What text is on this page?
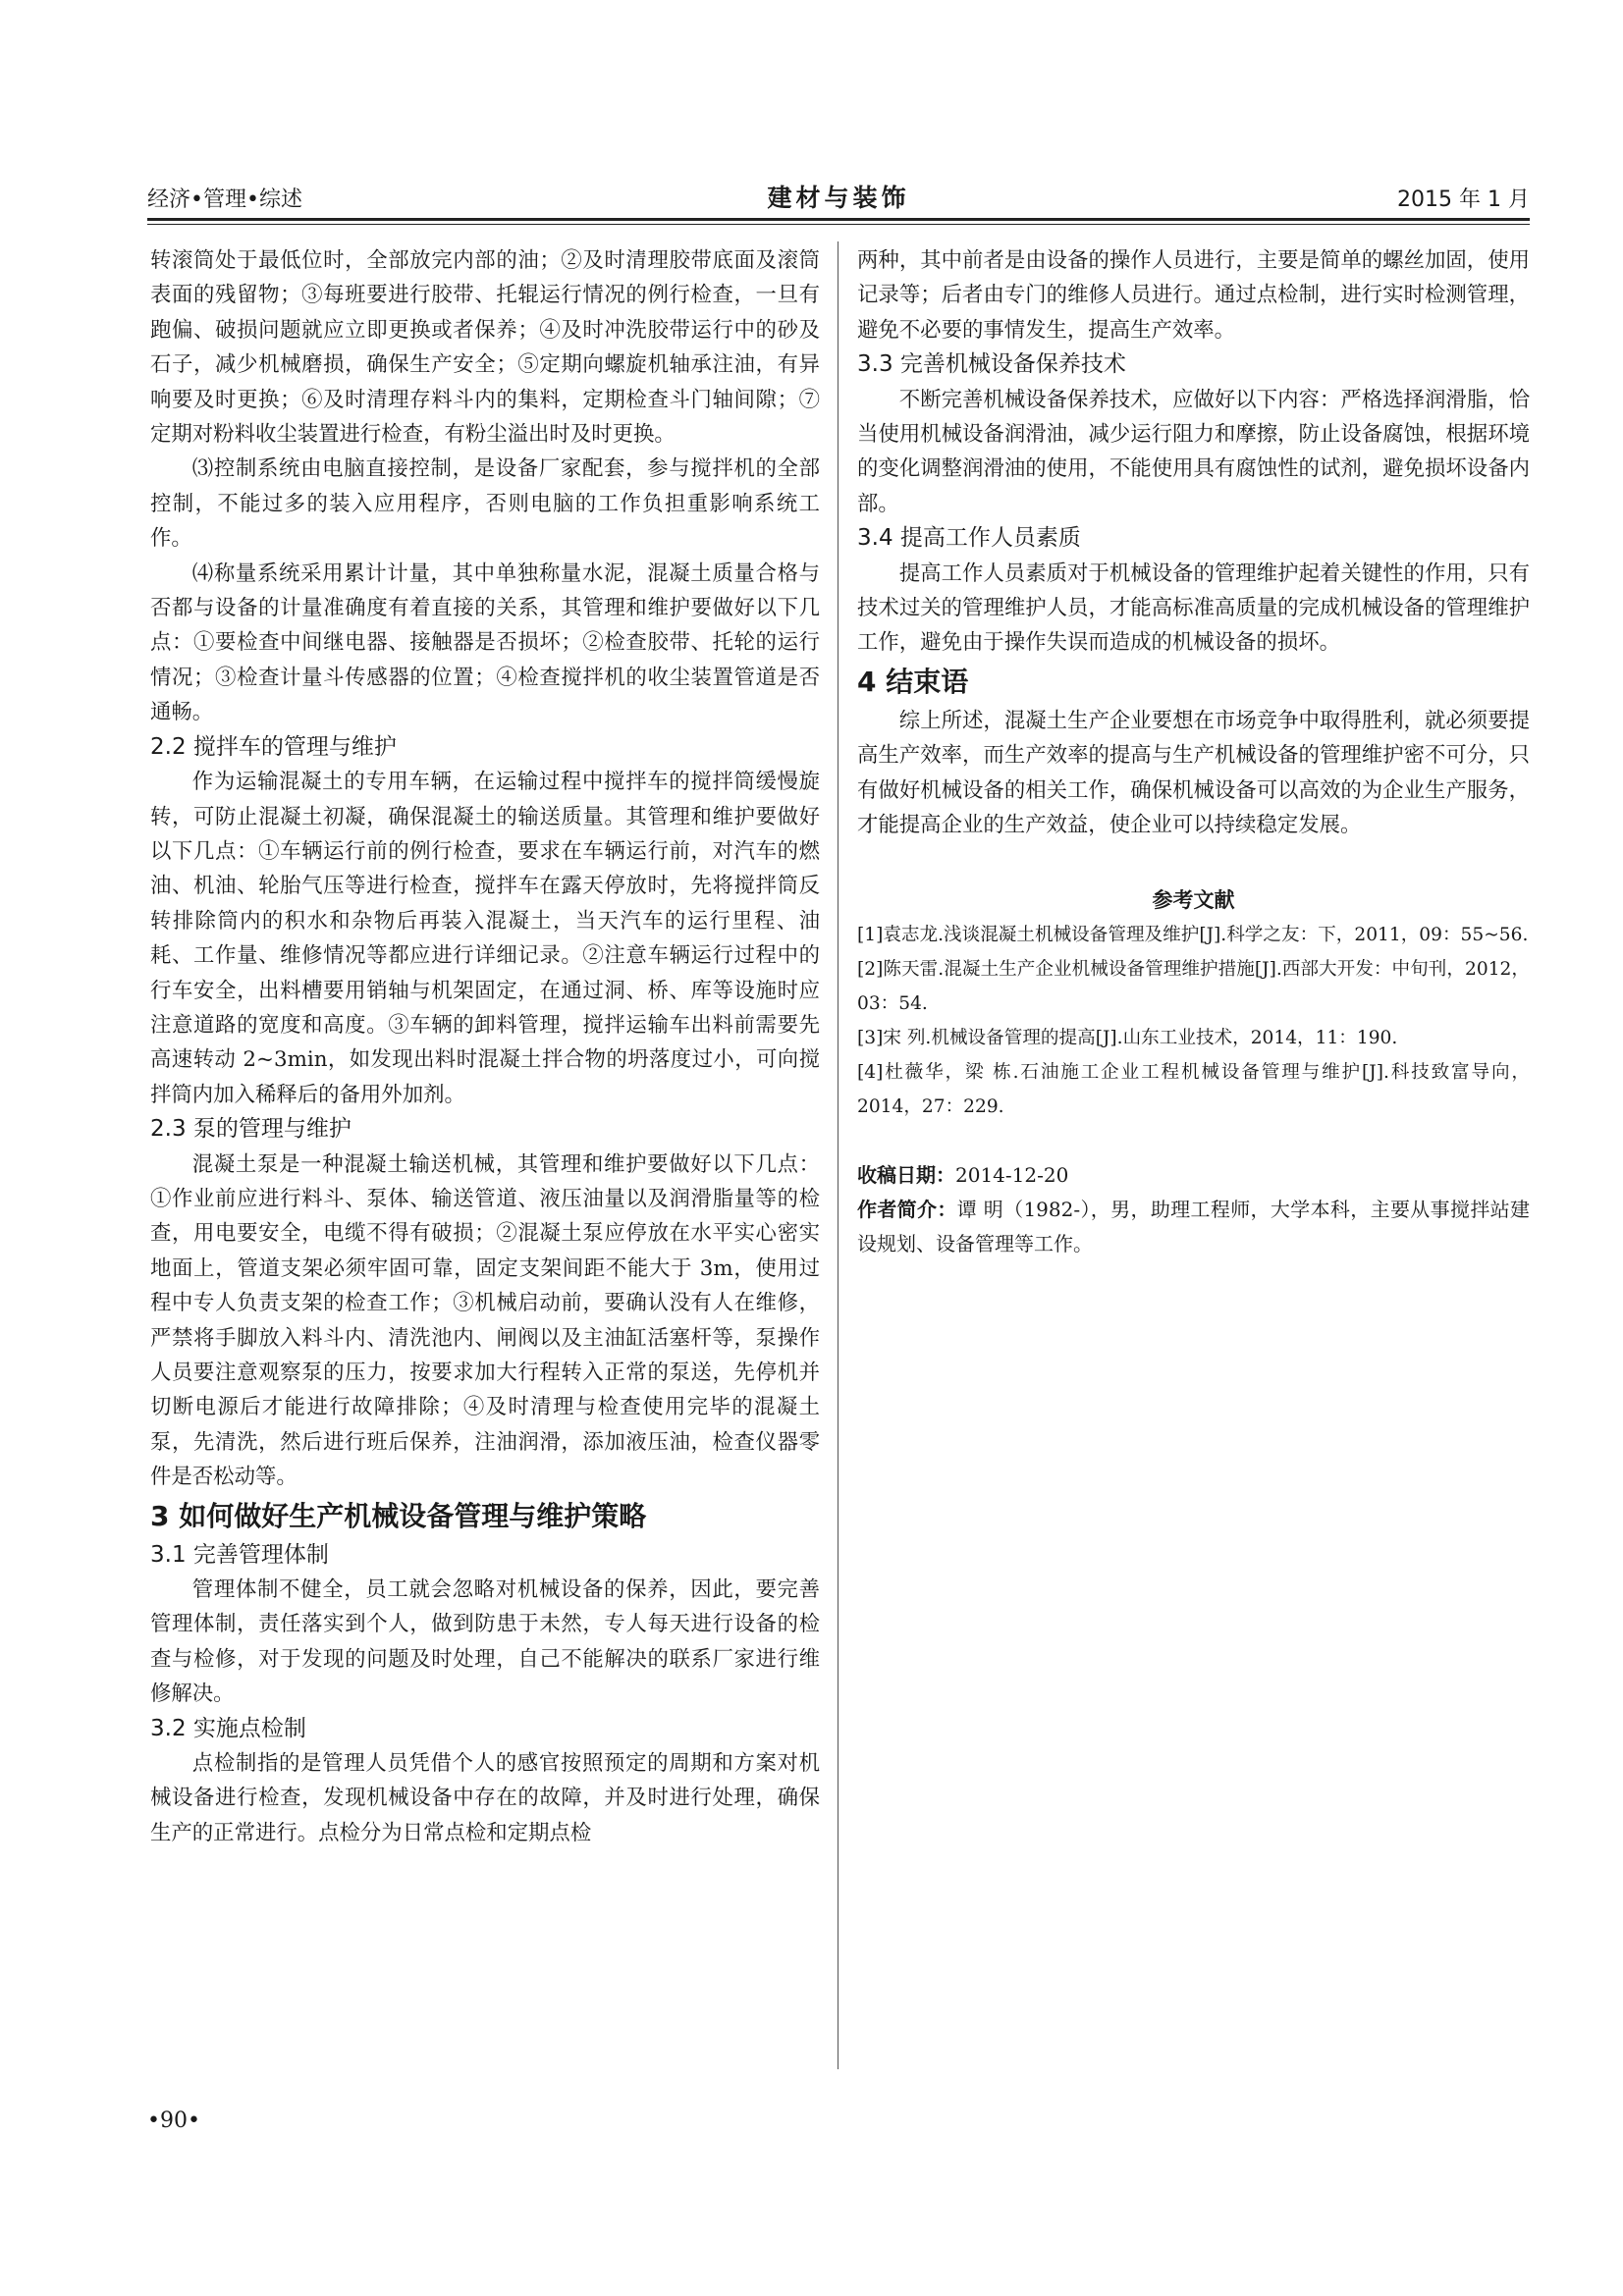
经济•管理•综述	建材与装饰	2015 年 1 月

转滚筒处于最低位时，全部放完内部的油；②及时清理胶带底面及滚筒表面的残留物；③每班要进行胶带、托辊运行情况的例行检查，一旦有跑偏、破损问题就应立即更换或者保养；④及时冲洗胶带运行中的砂及石子，减少机械磨损，确保生产安全；⑤定期向螺旋机轴承注油，有异响要及时更换；⑥及时清理存料斗内的集料，定期检查斗门轴间隙；⑦定期对粉料收尘装置进行检查，有粉尘溢出时及时更换。

⑶控制系统由电脑直接控制，是设备厂家配套，参与搅拌机的全部控制，不能过多的装入应用程序，否则电脑的工作负担重影响系统工作。

⑷称量系统采用累计计量，其中单独称量水泥，混凝土质量合格与否都与设备的计量准确度有着直接的关系，其管理和维护要做好以下几点：①要检查中间继电器、接触器是否损坏；②检查胶带、托轮的运行情况；③检查计量斗传感器的位置；④检查搅拌机的收尘装置管道是否通畅。

2.2 搅拌车的管理与维护

作为运输混凝土的专用车辆，在运输过程中搅拌车的搅拌筒缓慢旋转，可防止混凝土初凝，确保混凝土的输送质量。其管理和维护要做好以下几点：①车辆运行前的例行检查，要求在车辆运行前，对汽车的燃油、机油、轮胎气压等进行检查，搅拌车在露天停放时，先将搅拌筒反转排除筒内的积水和杂物后再装入混凝土，当天汽车的运行里程、油耗、工作量、维修情况等都应进行详细记录。②注意车辆运行过程中的行车安全，出料槽要用销轴与机架固定，在通过洞、桥、库等设施时应注意道路的宽度和高度。③车辆的卸料管理，搅拌运输车出料前需要先高速转动 2~3min，如发现出料时混凝土拌合物的坍落度过小，可向搅拌筒内加入稀释后的备用外加剂。

2.3 泵的管理与维护

混凝土泵是一种混凝土输送机械，其管理和维护要做好以下几点：①作业前应进行料斗、泵体、输送管道、液压油量以及润滑脂量等的检查，用电要安全，电缆不得有破损；②混凝土泵应停放在水平实心密实地面上，管道支架必须牢固可靠，固定支架间距不能大于 3m，使用过程中专人负责支架的检查工作；③机械启动前，要确认没有人在维修，严禁将手脚放入料斗内、清洗池内、闸阀以及主油缸活塞杆等，泵操作人员要注意观察泵的压力，按要求加大行程转入正常的泵送，先停机并切断电源后才能进行故障排除；④及时清理与检查使用完毕的混凝土泵，先清洗，然后进行班后保养，注油润滑，添加液压油，检查仪器零件是否松动等。

3 如何做好生产机械设备管理与维护策略
3.1 完善管理体制

管理体制不健全，员工就会忽略对机械设备的保养，因此，要完善管理体制，责任落实到个人，做到防患于未然，专人每天进行设备的检查与检修，对于发现的问题及时处理，自己不能解决的联系厂家进行维修解决。

3.2 实施点检制

点检制指的是管理人员凭借个人的感官按照预定的周期和方案对机械设备进行检查，发现机械设备中存在的故障，并及时进行处理，确保生产的正常进行。点检分为日常点检和定期点检

两种，其中前者是由设备的操作人员进行，主要是简单的螺丝加固，使用记录等；后者由专门的维修人员进行。通过点检制，进行实时检测管理，避免不必要的事情发生，提高生产效率。

3.3 完善机械设备保养技术

不断完善机械设备保养技术，应做好以下内容：严格选择润滑脂，恰当使用机械设备润滑油，减少运行阻力和摩擦，防止设备腐蚀，根据环境的变化调整润滑油的使用，不能使用具有腐蚀性的试剂，避免损坏设备内部。

3.4 提高工作人员素质

提高工作人员素质对于机械设备的管理维护起着关键性的作用，只有技术过关的管理维护人员，才能高标准高质量的完成机械设备的管理维护工作，避免由于操作失误而造成的机械设备的损坏。

4 结束语

综上所述，混凝土生产企业要想在市场竞争中取得胜利，就必须要提高生产效率，而生产效率的提高与生产机械设备的管理维护密不可分，只有做好机械设备的相关工作，确保机械设备可以高效的为企业生产服务，才能提高企业的生产效益，使企业可以持续稳定发展。

参考文献

[1]袁志龙.浅谈混凝土机械设备管理及维护[J].科学之友：下，2011，09：55~56.

[2]陈天雷.混凝土生产企业机械设备管理维护措施[J].西部大开发：中旬刊，2012，03：54.

[3]宋 列.机械设备管理的提高[J].山东工业技术，2014，11：190.

[4]杜薇华，梁 栋.石油施工企业工程机械设备管理与维护[J].科技致富导向，2014，27：229.

收稿日期：2014-12-20

作者简介：谭 明（1982-），男，助理工程师，大学本科，主要从事搅拌站建设规划、设备管理等工作。

•90•
